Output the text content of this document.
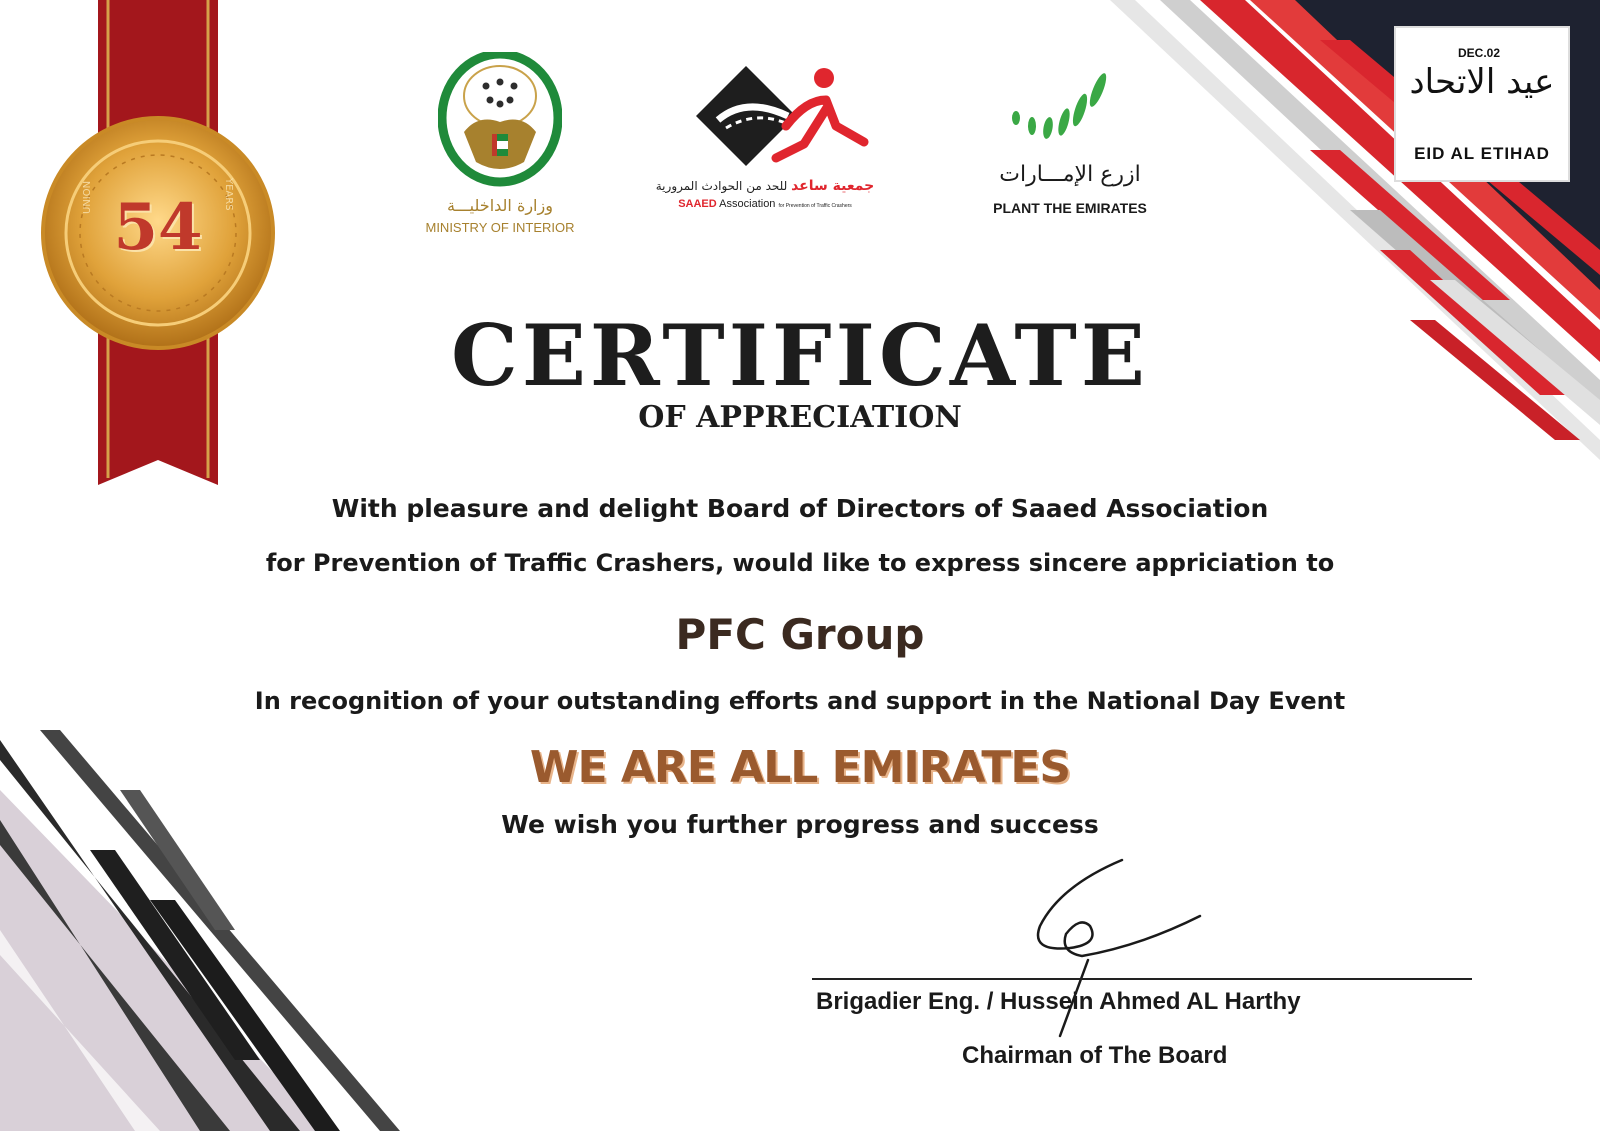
54
UNION	YEARS	وزارة الداخليـــة
MINISTRY OF INTERIOR
جمعية ساعد للحد من الحوادث المرورية
SAAED Association for Prevention of Traffic Crashers
ازرع الإمـــارات
PLANT THE EMIRATES
DEC.02
عيد الاتحاد
EID AL ETIHAD
CERTIFICATE
OF APPRECIATION
With pleasure and delight Board of Directors of Saaed Association
for Prevention of Traffic Crashers, would like to express sincere appriciation to
PFC Group
In recognition of your outstanding efforts and support in the National Day Event
WE ARE ALL EMIRATES
We wish you further progress and success
Brigadier Eng. / Hussein Ahmed AL Harthy
Chairman of The Board
